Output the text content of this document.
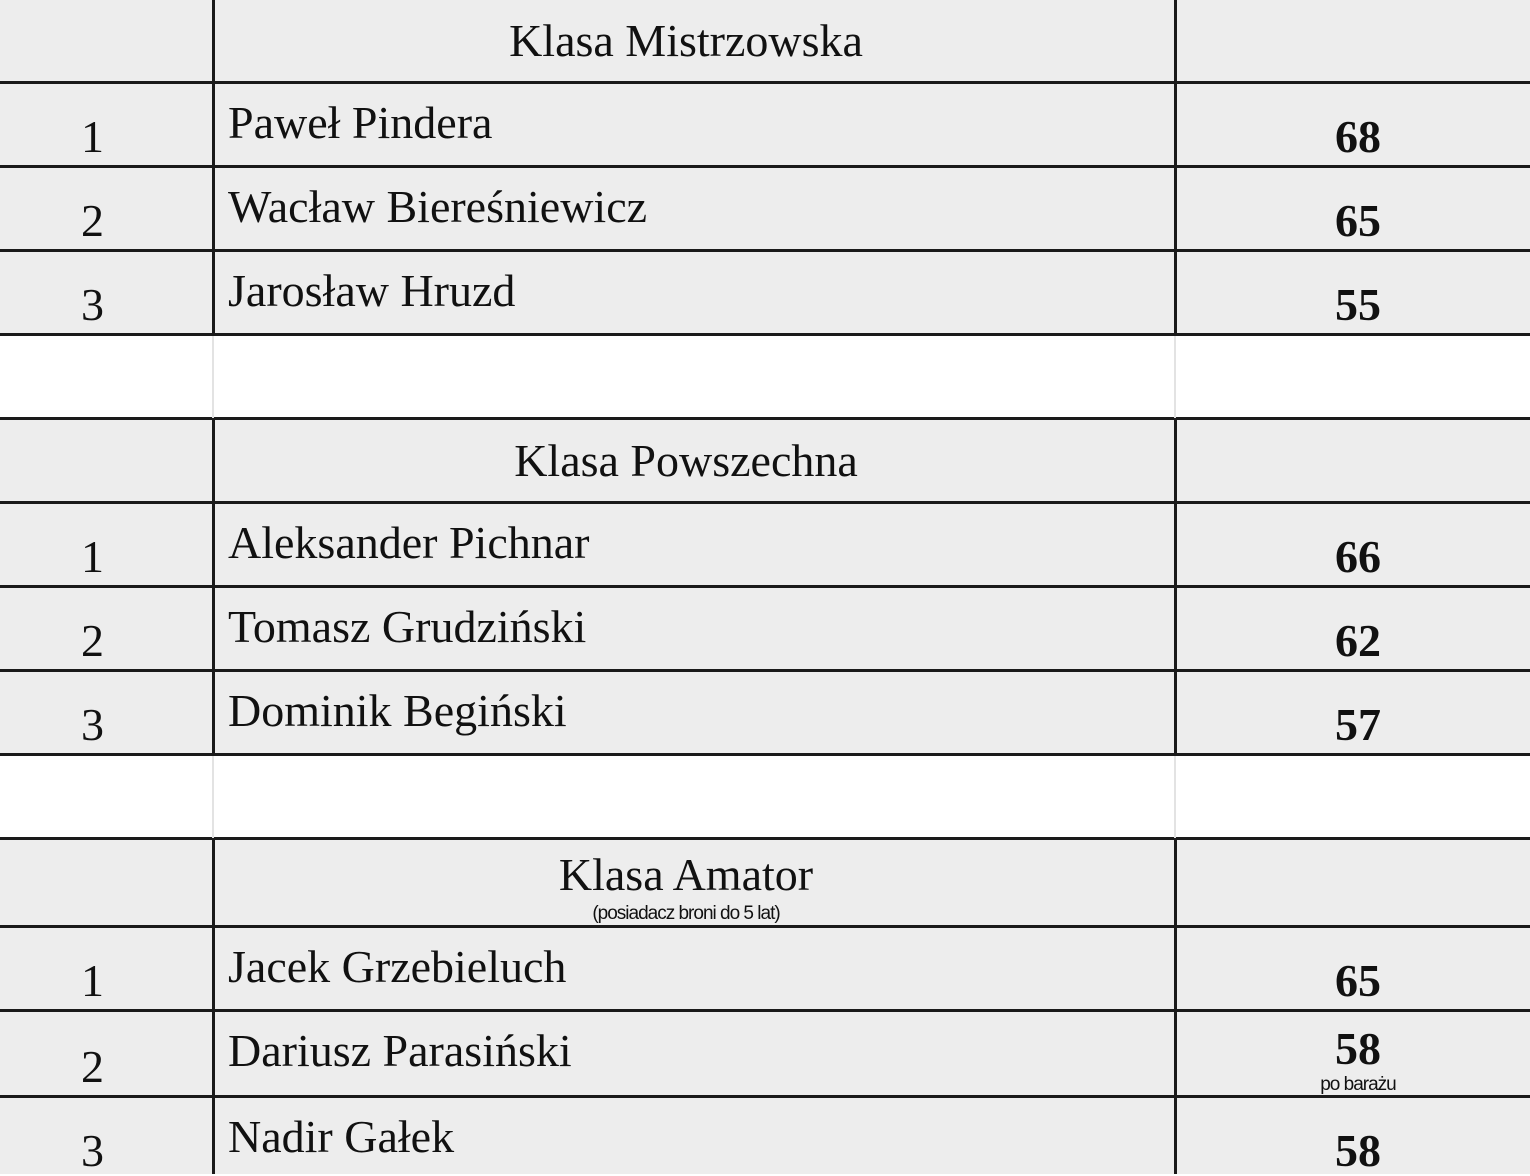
Klasa Mistrzowska
1	Paweł Pindera	68
2	Wacław Biereśniewicz	65
3	Jarosław Hruzd	55
Klasa Powszechna
1	Aleksander Pichnar	66
2	Tomasz Grudziński	62
3	Dominik Begiński	57
Klasa Amator
(posiadacz broni do 5 lat)
1	Jacek Grzebieluch	65
2	Dariusz Parasiński	58
po barażu
3	Nadir Gałek	58
